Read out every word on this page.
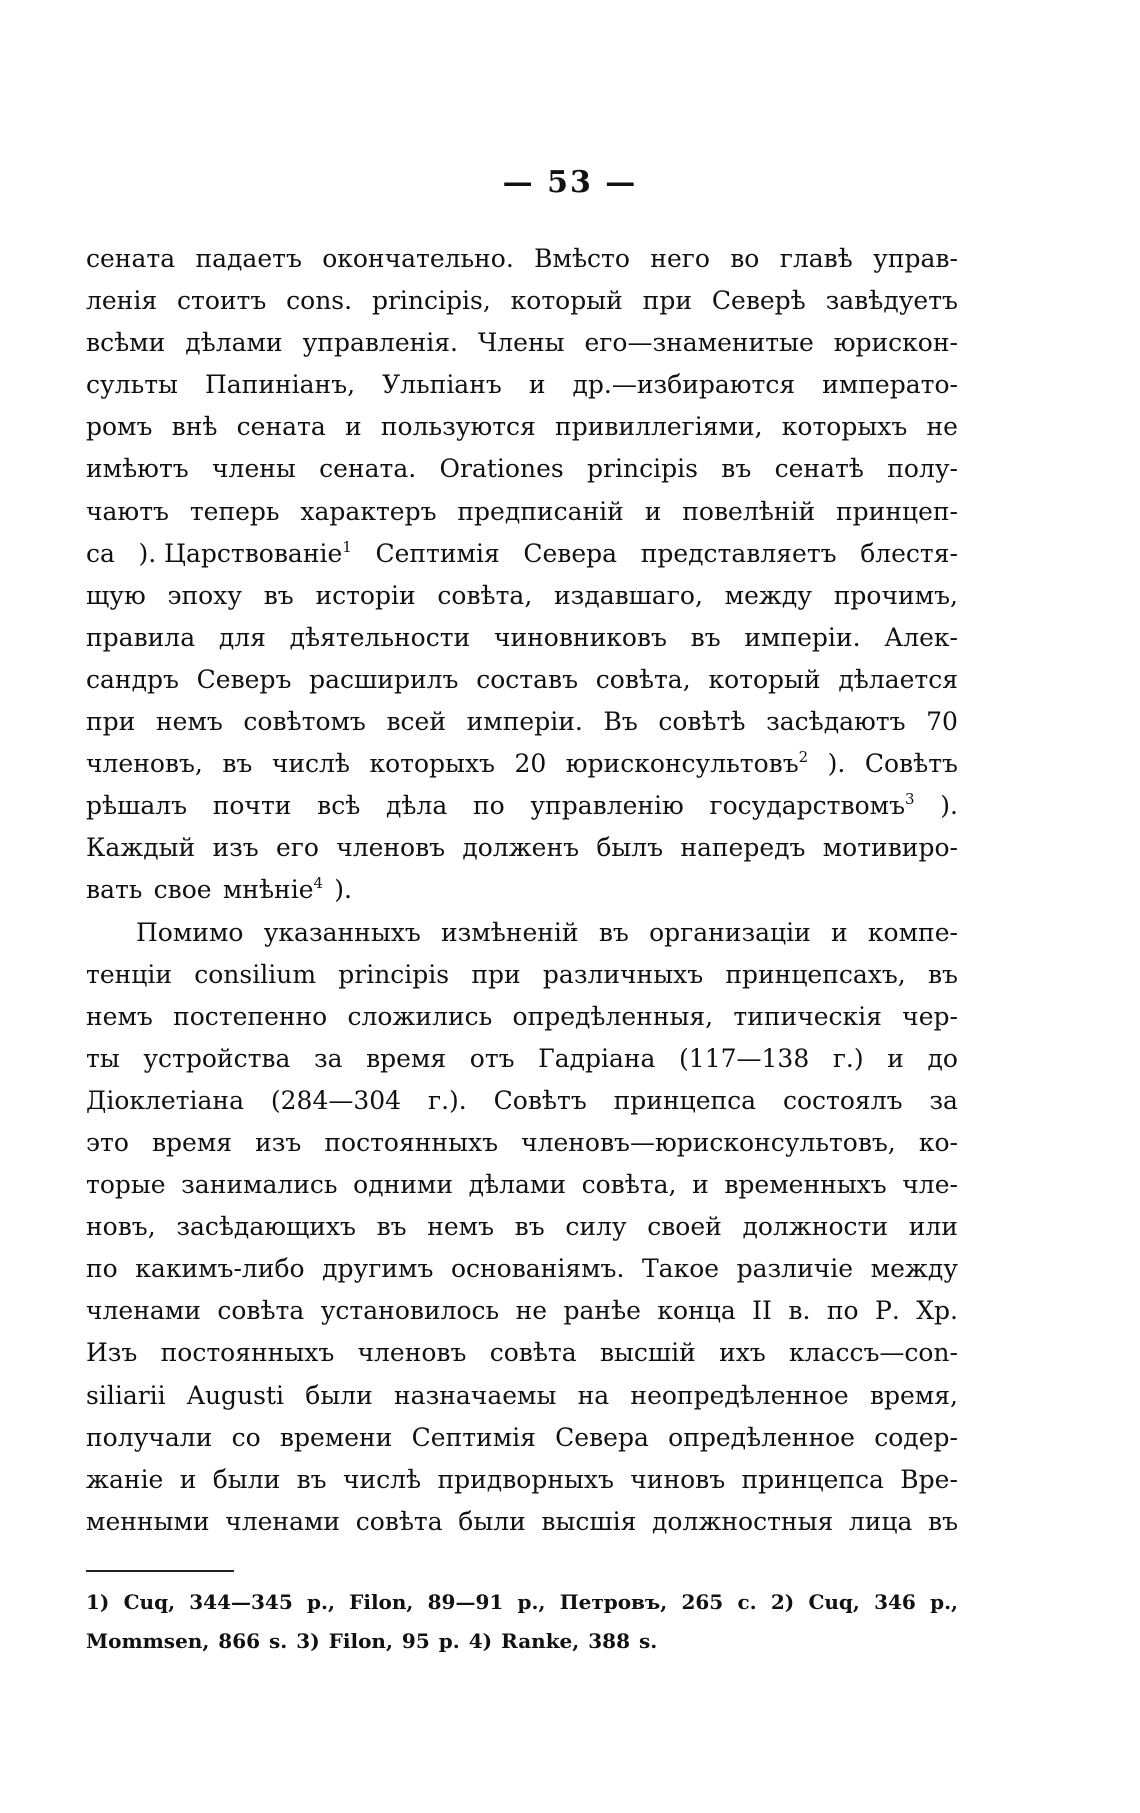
— 53 —
сената падаетъ окончательно. Вмѣсто него во главѣ управ-
ленія стоитъ cons. principis, который при Северѣ завѣдуетъ
всѣми дѣлами управленія. Члены его—знаменитые юрискон-
сульты Папиніанъ, Ульпіанъ и др.—избираются императо-
ромъ внѣ сената и пользуются привиллегіями, которыхъ не
имѣютъ члены сената. Orationes principis въ сенатѣ полу-
чаютъ теперь характеръ предписаній и повелѣній принцеп-
ca ). Царствованіе$^1$ Септимія Севера представляетъ блестя-
щую эпоху въ исторіи совѣта, издавшаго, между прочимъ,
правила для дѣятельности чиновниковъ въ имперіи. Алек-
сандръ Северъ расширилъ составъ совѣта, который дѣлается
при немъ совѣтомъ всей имперіи. Въ совѣтѣ засѣдаютъ 70
членовъ, въ числѣ которыхъ 20 юрисконсультовъ$^2$ ). Совѣтъ
рѣшалъ почти всѣ дѣла по управленію государствомъ$^3$ ).
Каждый изъ его членовъ долженъ былъ напередъ мотивиро-
вать свое мнѣніе$^4$ ).
Помимо указанныхъ измѣненій въ организаціи и компе-
тенціи consilium principis при различныхъ принцепсахъ, въ
немъ постепенно сложились опредѣленныя, типическія чер-
ты устройства за время отъ Гадріана (117—138 г.) и до
Діоклетіана (284—304 г.). Совѣтъ принцепса состоялъ за
это время изъ постоянныхъ членовъ—юрисконсультовъ, ко-
торые занимались одними дѣлами совѣта, и временныхъ чле-
новъ, засѣдающихъ въ немъ въ силу своей должности или
по какимъ-либо другимъ основаніямъ. Такое различіе между
членами совѣта установилось не ранѣе конца II в. по Р. Хр.
Изъ постоянныхъ членовъ совѣта высшій ихъ классъ—con-
siliarii Augusti были назначаемы на неопредѣленное время,
получали со времени Септимія Севера опредѣленное содер-
жаніе и были въ числѣ придворныхъ чиновъ принцепса Вре-
менными членами совѣта были высшія должностныя лица въ
1) Cuq, 344—345 p., Filon, 89—91 p., Петровъ, 265 c. 2) Cuq, 346 p.,
Mommsen, 866 s. 3) Filon, 95 p. 4) Ranke, 388 s.
